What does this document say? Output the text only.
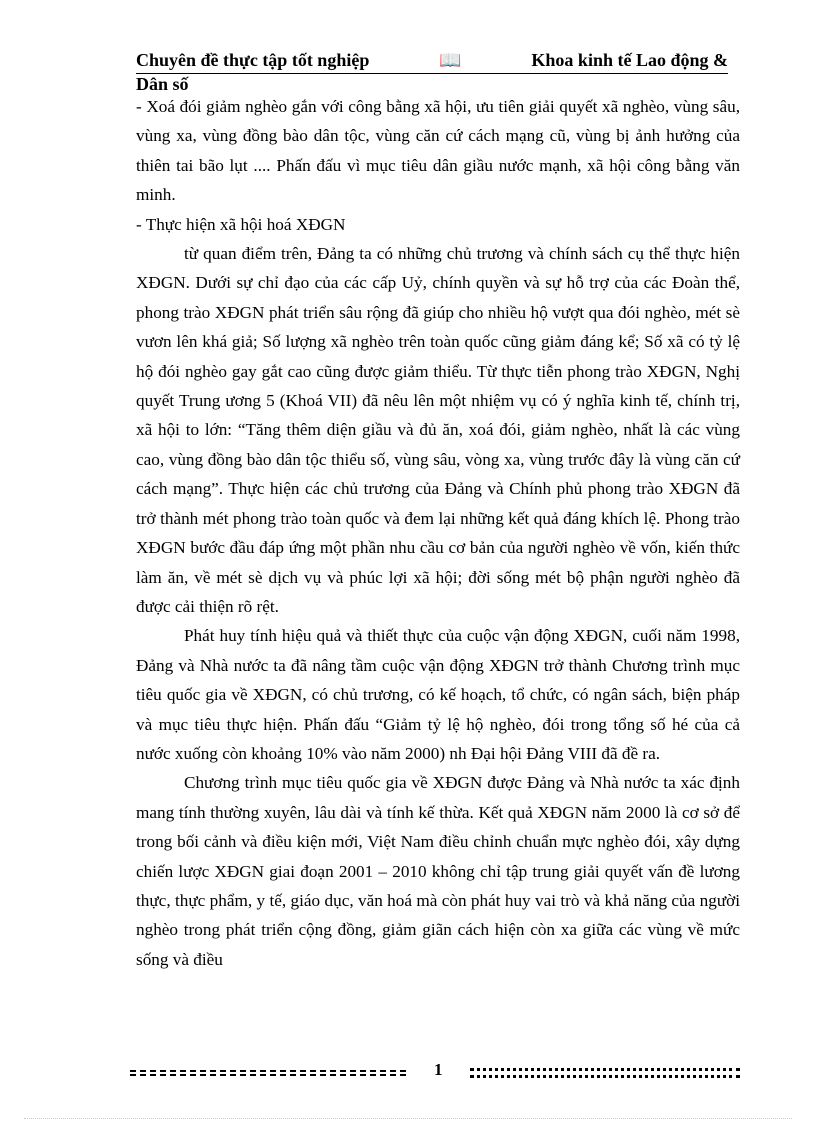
Chuyên đề thực tập tốt nghiệp	📖	Khoa kinh tế Lao động &
Dân số

- Xoá đói giảm nghèo gắn với công bằng xã hội, ưu tiên giải quyết xã nghèo, vùng sâu, vùng xa, vùng đồng bào dân tộc, vùng căn cứ cách mạng cũ, vùng bị ảnh hưởng của thiên tai bão lụt .... Phấn đấu vì mục tiêu dân giầu nước mạnh, xã hội công bằng văn minh.

- Thực hiện xã hội hoá XĐGN

từ quan điểm trên, Đảng ta có những chủ trương và chính sách cụ thể thực hiện XĐGN. Dưới sự chỉ đạo của các cấp Uỷ, chính quyền và sự hỗ trợ của các Đoàn thể, phong trào XĐGN phát triển sâu rộng đã giúp cho nhiều hộ vượt qua đói nghèo, mét sè vươn lên khá giả; Số lượng xã nghèo trên toàn quốc cũng giảm đáng kể; Số xã có tỷ lệ hộ đói nghèo gay gắt cao cũng được giảm thiểu. Từ thực tiễn phong trào XĐGN, Nghị quyết Trung ương 5 (Khoá VII) đã nêu lên một nhiệm vụ có ý nghĩa kinh tế, chính trị, xã hội to lớn: “Tăng thêm diện giầu và đủ ăn, xoá đói, giảm nghèo, nhất là các vùng cao, vùng đồng bào dân tộc thiểu số, vùng sâu, vòng xa, vùng trước đây là vùng căn cứ cách mạng”. Thực hiện các chủ trương của Đảng và Chính phủ phong trào XĐGN đã trở thành mét phong trào toàn quốc và đem lại những kết quả đáng khích lệ. Phong trào XĐGN bước đầu đáp ứng một phần nhu cầu cơ bản của người nghèo về vốn, kiến thức làm ăn, về mét sè dịch vụ và phúc lợi xã hội; đời sống mét bộ phận người nghèo đã được cải thiện rõ rệt.

Phát huy tính hiệu quả và thiết thực của cuộc vận động XĐGN, cuối năm 1998, Đảng và Nhà nước ta đã nâng tầm cuộc vận động XĐGN trở thành Chương trình mục tiêu quốc gia về XĐGN, có chủ trương, có kế hoạch, tổ chức, có ngân sách, biện pháp và mục tiêu thực hiện. Phấn đấu “Giảm tỷ lệ hộ nghèo, đói trong tổng số hé của cả nước xuống còn khoảng 10% vào năm 2000) nh Đại hội Đảng VIII đã đề ra.

Chương trình mục tiêu quốc gia về XĐGN được Đảng và Nhà nước ta xác định mang tính thường xuyên, lâu dài và tính kế thừa. Kết quả XĐGN năm 2000 là cơ sở để trong bối cảnh và điều kiện mới, Việt Nam điều chỉnh chuẩn mực nghèo đói, xây dựng chiến lược XĐGN giai đoạn 2001 – 2010 không chỉ tập trung giải quyết vấn đề lương thực, thực phẩm, y tế, giáo dục, văn hoá mà còn phát huy vai trò và khả năng của người nghèo trong phát triển cộng đồng, giảm giãn cách hiện còn xa giữa các vùng về mức sống và điều

1
